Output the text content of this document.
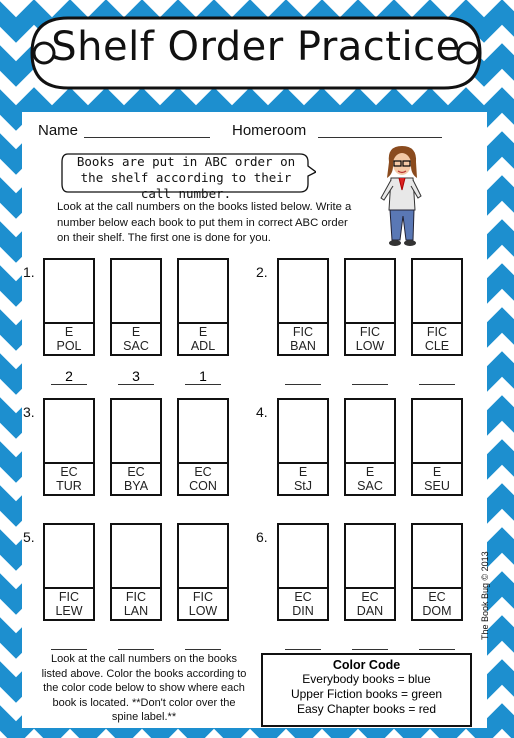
Shelf Order Practice
Name	Homeroom
Books are put in ABC order on the shelf according to their call number.
Look at the call numbers on the books listed below. Write a number below each book to put them in correct ABC order on their shelf. The first one is done for you.
1.
E
POL
2
E
SAC
3
E
ADL
1
2.
FIC
BAN
FIC
LOW
FIC
CLE
3.
EC
TUR
EC
BYA
EC
CON
4.
E
StJ
E
SAC
E
SEU
5.
FIC
LEW
FIC
LAN
FIC
LOW
6.
EC
DIN
EC
DAN
EC
DOM
Look at the call numbers on the books listed above. Color the books according to the color code below to show where each book is located. **Don't color over the spine label.**
Color Code
Everybody books = blue
Upper Fiction books = green
Easy Chapter books = red
The Book Bug © 2013
